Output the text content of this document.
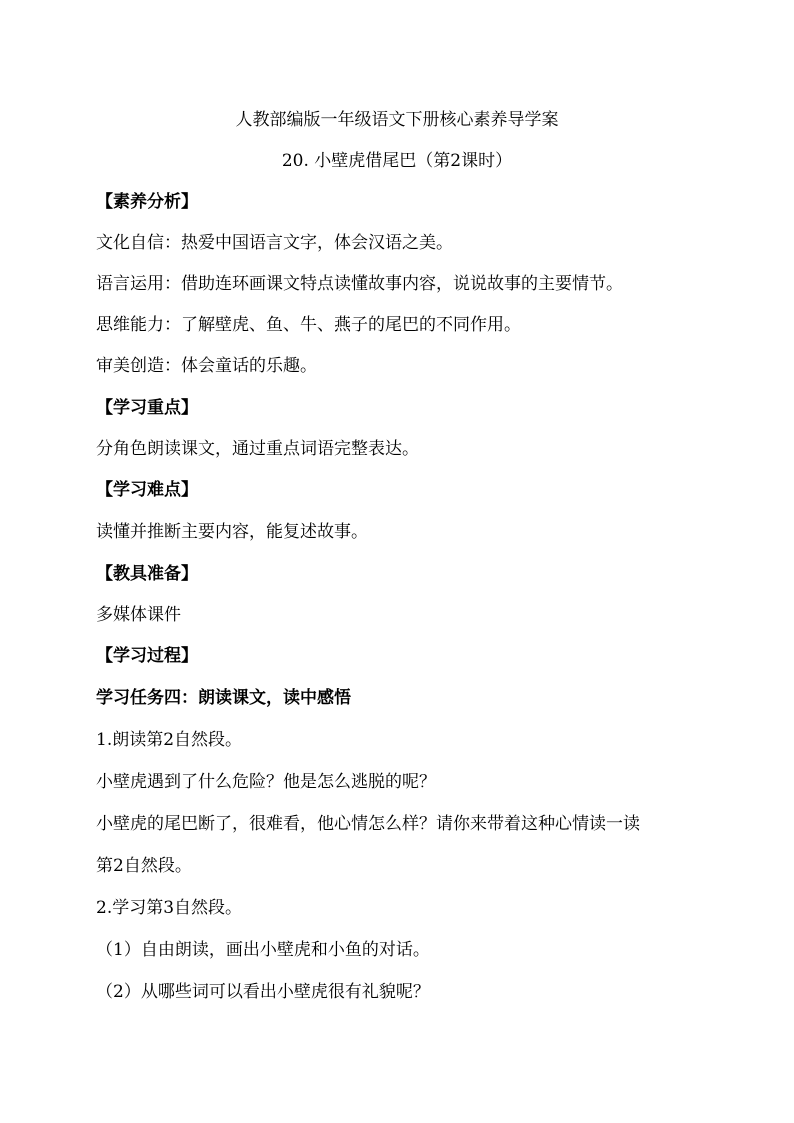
人教部编版一年级语文下册核心素养导学案
20. 小壁虎借尾巴（第2课时）
【素养分析】
文化自信：热爱中国语言文字，体会汉语之美。
语言运用：借助连环画课文特点读懂故事内容，说说故事的主要情节。
思维能力：了解壁虎、鱼、牛、燕子的尾巴的不同作用。
审美创造：体会童话的乐趣。
【学习重点】
分角色朗读课文，通过重点词语完整表达。
【学习难点】
读懂并推断主要内容，能复述故事。
【教具准备】
多媒体课件
【学习过程】
学习任务四：朗读课文，读中感悟
1.朗读第2自然段。
小壁虎遇到了什么危险？他是怎么逃脱的呢？
小壁虎的尾巴断了，很难看，他心情怎么样？请你来带着这种心情读一读
第2自然段。
2.学习第3自然段。
（1）自由朗读，画出小壁虎和小鱼的对话。
（2）从哪些词可以看出小壁虎很有礼貌呢？
